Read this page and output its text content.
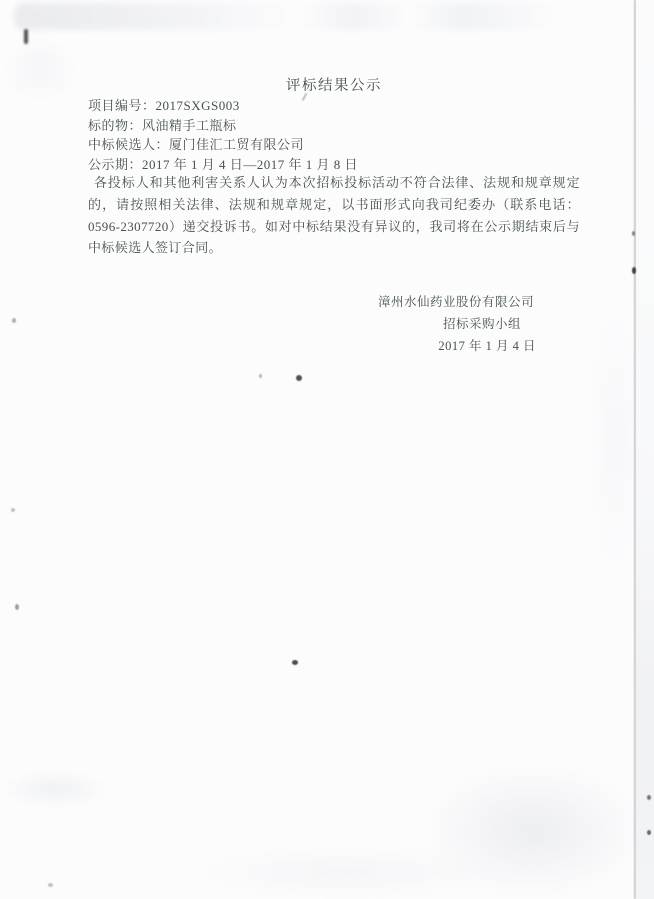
评标结果公示
项目编号：2017SXGS003
标的物：风油精手工瓶标
中标候选人：厦门佳汇工贸有限公司
公示期：2017 年 1 月 4 日—2017 年 1 月 8 日
各投标人和其他利害关系人认为本次招标投标活动不符合法律、法规和规章规定的，请按照相关法律、法规和规章规定，以书面形式向我司纪委办（联系电话：0596-2307720）递交投诉书。如对中标结果没有异议的，我司将在公示期结束后与中标候选人签订合同。
漳州水仙药业股份有限公司
招标采购小组
2017 年 1 月 4 日
